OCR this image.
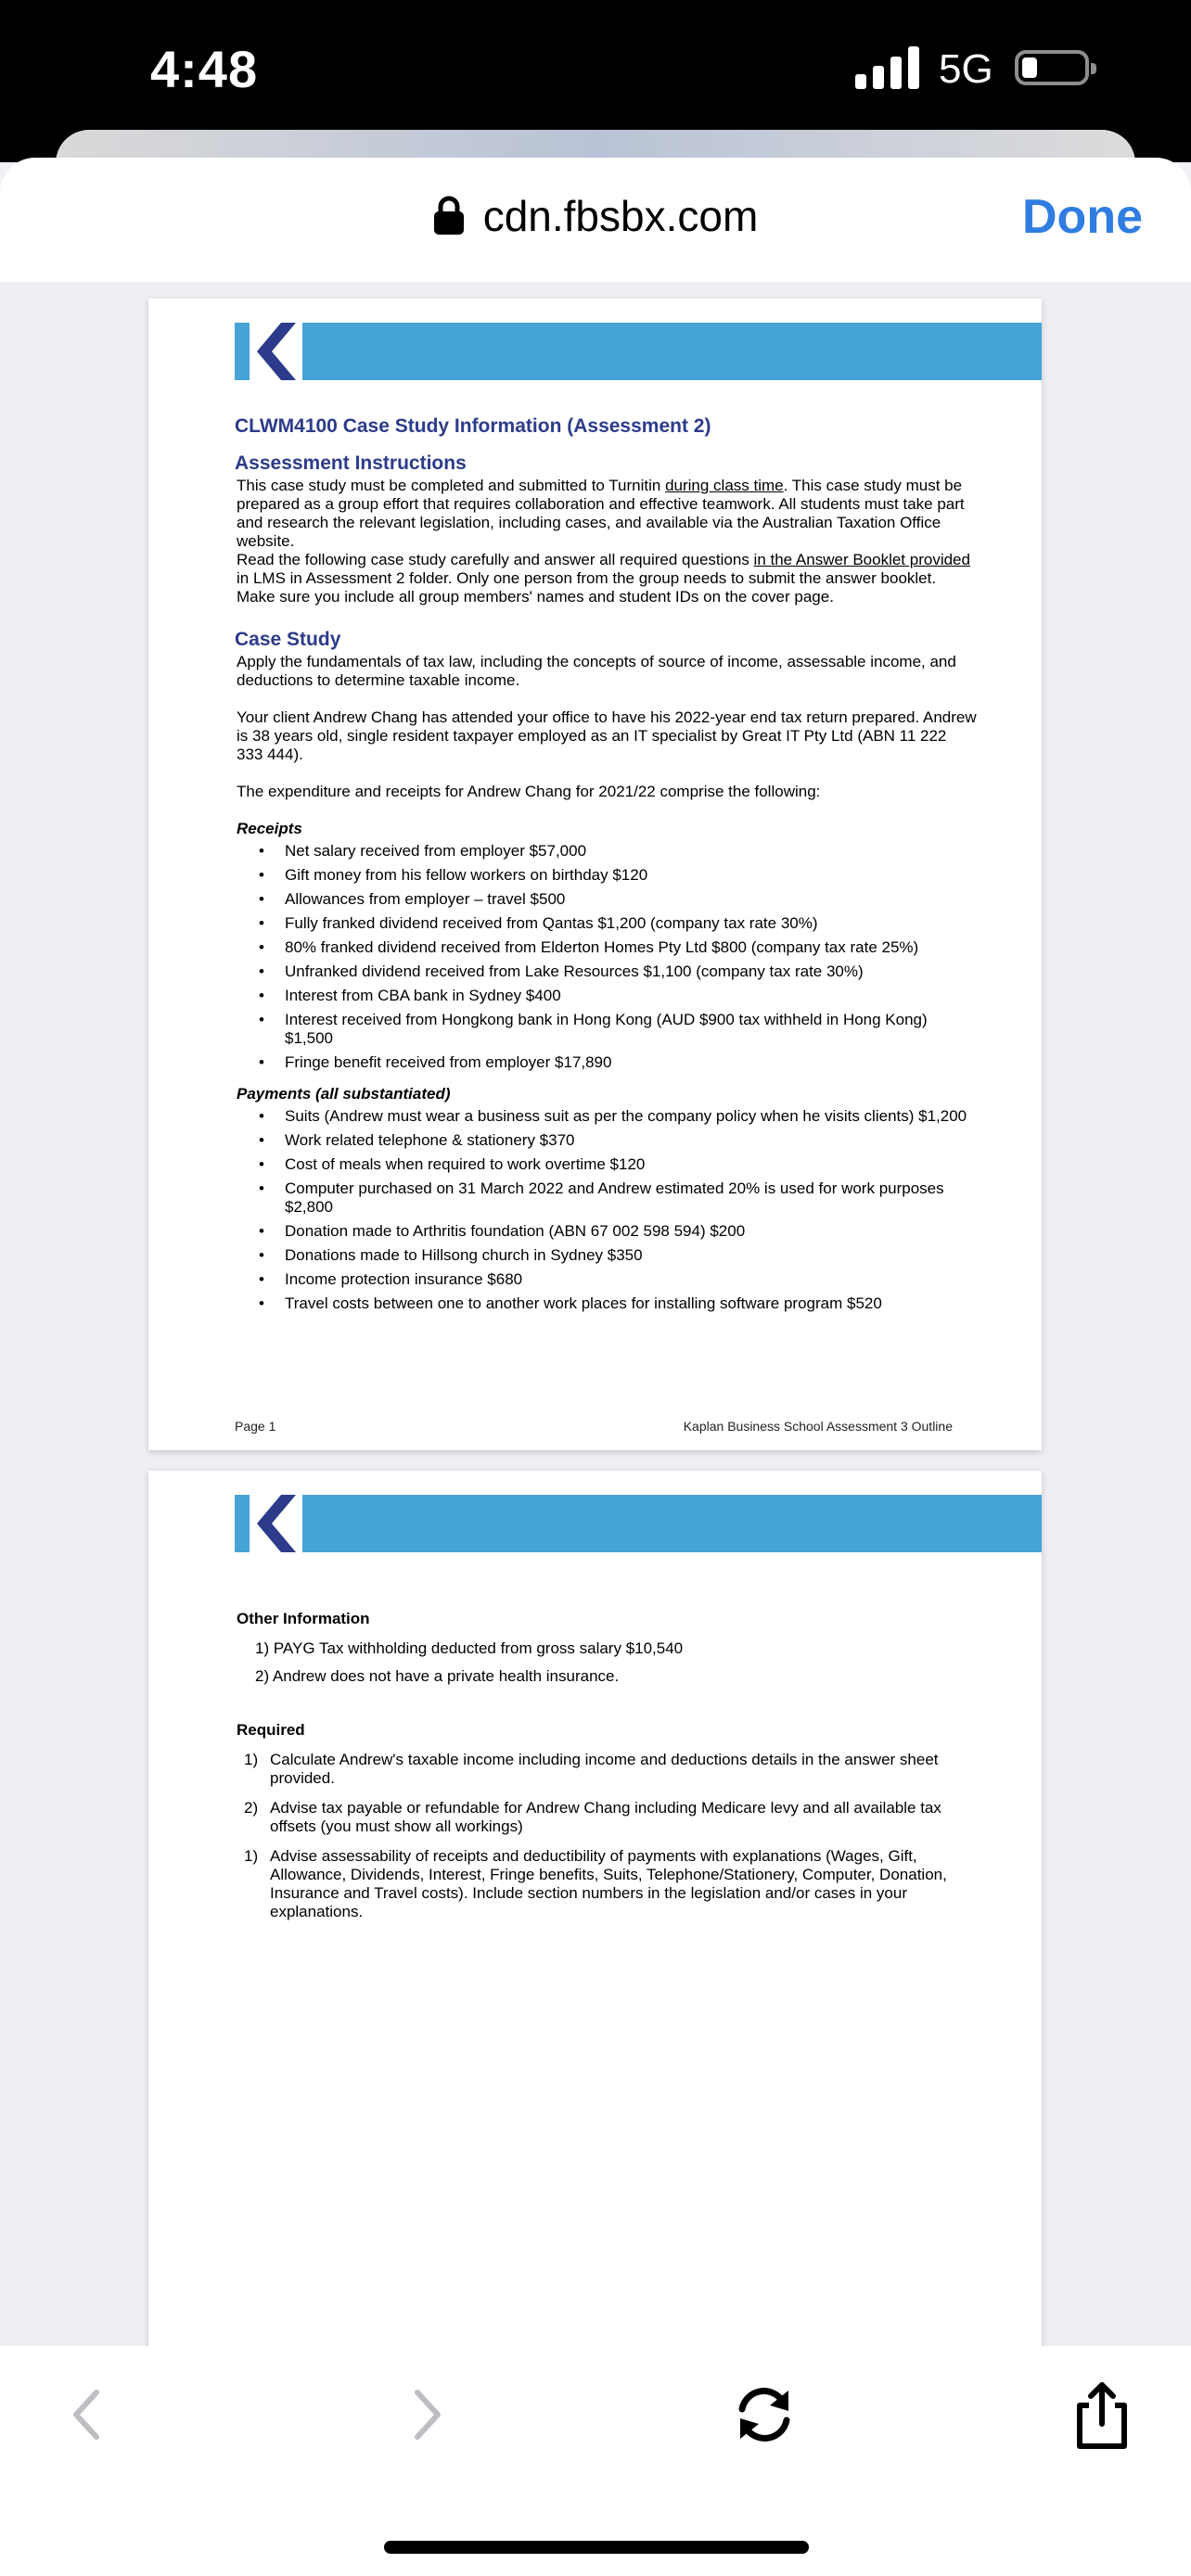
4:48	5G
cdn.fbsbx.com	Done
CLWM4100 Case Study Information (Assessment 2)
Assessment Instructions

This case study must be completed and submitted to Turnitin during class time. This case study must be prepared as a group effort that requires collaboration and effective teamwork. All students must take part and research the relevant legislation, including cases, and available via the Australian Taxation Office website.

Read the following case study carefully and answer all required questions in the Answer Booklet provided in LMS in Assessment 2 folder. Only one person from the group needs to submit the answer booklet. Make sure you include all group members' names and student IDs on the cover page.

Case Study

Apply the fundamentals of tax law, including the concepts of source of income, assessable income, and deductions to determine taxable income.

Your client Andrew Chang has attended your office to have his 2022-year end tax return prepared. Andrew is 38 years old, single resident taxpayer employed as an IT specialist by Great IT Pty Ltd (ABN 11 222 333 444).

The expenditure and receipts for Andrew Chang for 2021/22 comprise the following:

Receipts
• Net salary received from employer $57,000
• Gift money from his fellow workers on birthday $120
• Allowances from employer – travel $500
• Fully franked dividend received from Qantas $1,200 (company tax rate 30%)
• 80% franked dividend received from Elderton Homes Pty Ltd $800 (company tax rate 25%)
• Unfranked dividend received from Lake Resources $1,100 (company tax rate 30%)
• Interest from CBA bank in Sydney $400
• Interest received from Hongkong bank in Hong Kong (AUD $900 tax withheld in Hong Kong) $1,500
• Fringe benefit received from employer $17,890
Payments (all substantiated)
• Suits (Andrew must wear a business suit as per the company policy when he visits clients) $1,200
• Work related telephone & stationery $370
• Cost of meals when required to work overtime $120
• Computer purchased on 31 March 2022 and Andrew estimated 20% is used for work purposes $2,800
• Donation made to Arthritis foundation (ABN 67 002 598 594) $200
• Donations made to Hillsong church in Sydney $350
• Income protection insurance $680
• Travel costs between one to another work places for installing software program $520
Page 1	Kaplan Business School Assessment 3 Outline
Other Information
1) PAYG Tax withholding deducted from gross salary $10,540
2) Andrew does not have a private health insurance.
Required
1) Calculate Andrew's taxable income including income and deductions details in the answer sheet provided.
2) Advise tax payable or refundable for Andrew Chang including Medicare levy and all available tax offsets (you must show all workings)
1) Advise assessability of receipts and deductibility of payments with explanations (Wages, Gift, Allowance, Dividends, Interest, Fringe benefits, Suits, Telephone/Stationery, Computer, Donation, Insurance and Travel costs). Include section numbers in the legislation and/or cases in your explanations.
